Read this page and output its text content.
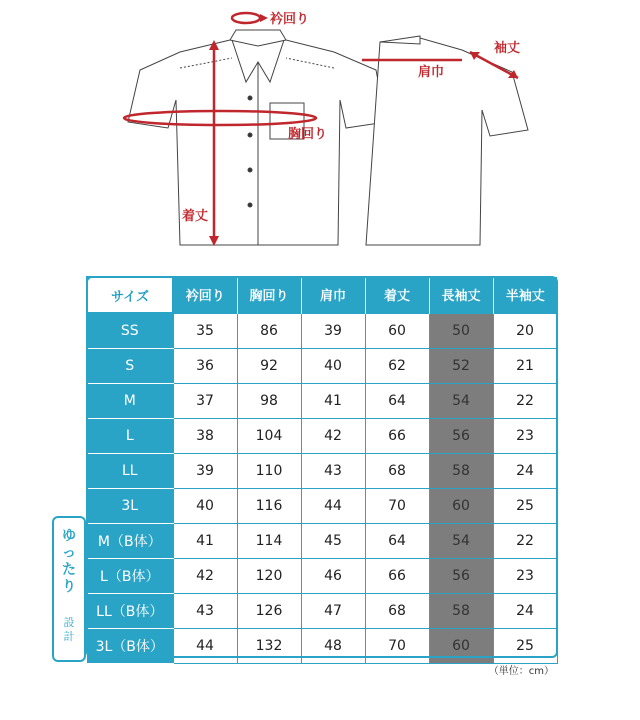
衿回り
胸回り
着丈
肩巾
袖丈
サイズ	衿回り	胸回り	肩巾	着丈	長袖丈	半袖丈
SS	35	86	39	60	50	20
S	36	92	40	62	52	21
M	37	98	41	64	54	22
L	38	104	42	66	56	23
LL	39	110	43	68	58	24
3L	40	116	44	70	60	25
M（B体）	41	114	45	64	54	22
L（B体）	42	120	46	66	56	23
LL（B体）	43	126	47	68	58	24
3L（B体）	44	132	48	70	60	25
ゆ
っ
た
り
設
計
（単位：cm）
